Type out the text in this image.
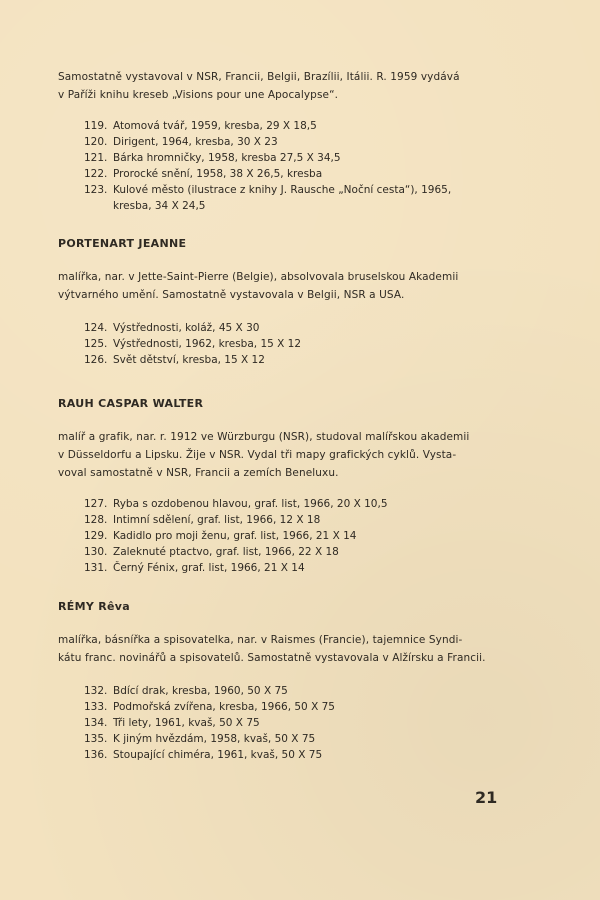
Samostatně vystavoval v NSR, Francii, Belgii, Brazílii, Itálii. R. 1959 vydává
v Paříži knihu kreseb „Visions pour une Apocalypse“.
119. Atomová tvář, 1959, kresba, 29 X 18,5
120. Dirigent, 1964, kresba, 30 X 23
121. Bárka hromničky, 1958, kresba 27,5 X 34,5
122. Prorocké snění, 1958, 38 X 26,5, kresba
123. Kulové město (ilustrace z knihy J. Rausche „Noční cesta“), 1965,
kresba, 34 X 24,5
PORTENART JEANNE
malířka, nar. v Jette-Saint-Pierre (Belgie), absolvovala bruselskou Akademii
výtvarného umění. Samostatně vystavovala v Belgii, NSR a USA.
124. Výstřednosti, koláž, 45 X 30
125. Výstřednosti, 1962, kresba, 15 X 12
126. Svět dětství, kresba, 15 X 12
RAUH CASPAR WALTER
malíř a grafik, nar. r. 1912 ve Würzburgu (NSR), studoval malířskou akademii
v Düsseldorfu a Lipsku. Žije v NSR. Vydal tři mapy grafických cyklů. Vysta-
voval samostatně v NSR, Francii a zemích Beneluxu.
127. Ryba s ozdobenou hlavou, graf. list, 1966, 20 X 10,5
128. Intimní sdělení, graf. list, 1966, 12 X 18
129. Kadidlo pro moji ženu, graf. list, 1966, 21 X 14
130. Zaleknuté ptactvo, graf. list, 1966, 22 X 18
131. Černý Fénix, graf. list, 1966, 21 X 14
RÉMY Rêva
malířka, básnířka a spisovatelka, nar. v Raismes (Francie), tajemnice Syndi-
kátu franc. novinářů a spisovatelů. Samostatně vystavovala v Alžírsku a Francii.
132. Bdící drak, kresba, 1960, 50 X 75
133. Podmořská zvířena, kresba, 1966, 50 X 75
134. Tři lety, 1961, kvaš, 50 X 75
135. K jiným hvězdám, 1958, kvaš, 50 X 75
136. Stoupající chiméra, 1961, kvaš, 50 X 75
21
